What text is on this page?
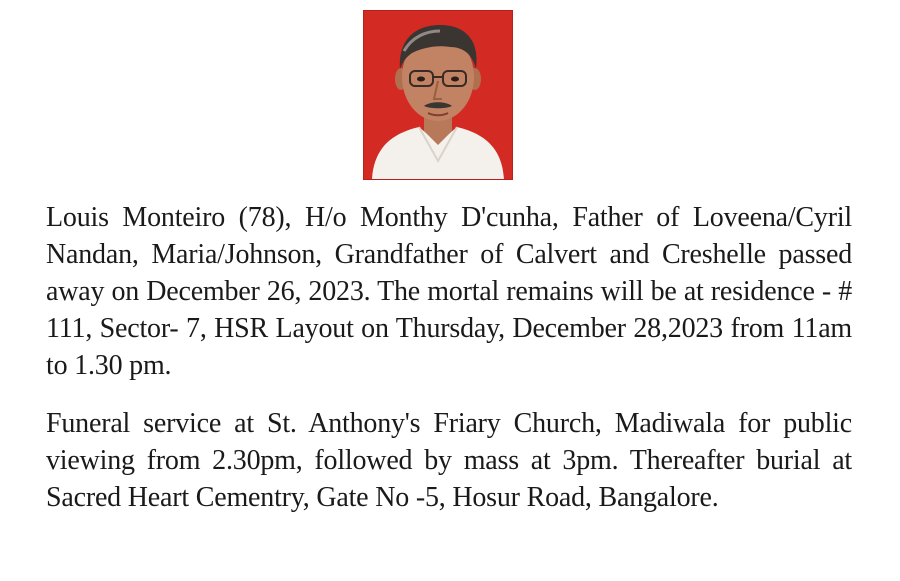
Louis Monteiro (78), H/o Monthy D'cunha, Father of Loveena/Cyril Nandan, Maria/Johnson, Grandfather of Calvert and Creshelle passed away on December 26, 2023. The mortal remains will be at residence - # 111, Sector- 7, HSR Layout on Thursday, December 28,2023 from 11am to 1.30 pm.

Funeral service at St. Anthony's Friary Church, Madiwala for public viewing from 2.30pm, followed by mass at 3pm. Thereafter burial at Sacred Heart Cementry, Gate No -5, Hosur Road, Bangalore.
